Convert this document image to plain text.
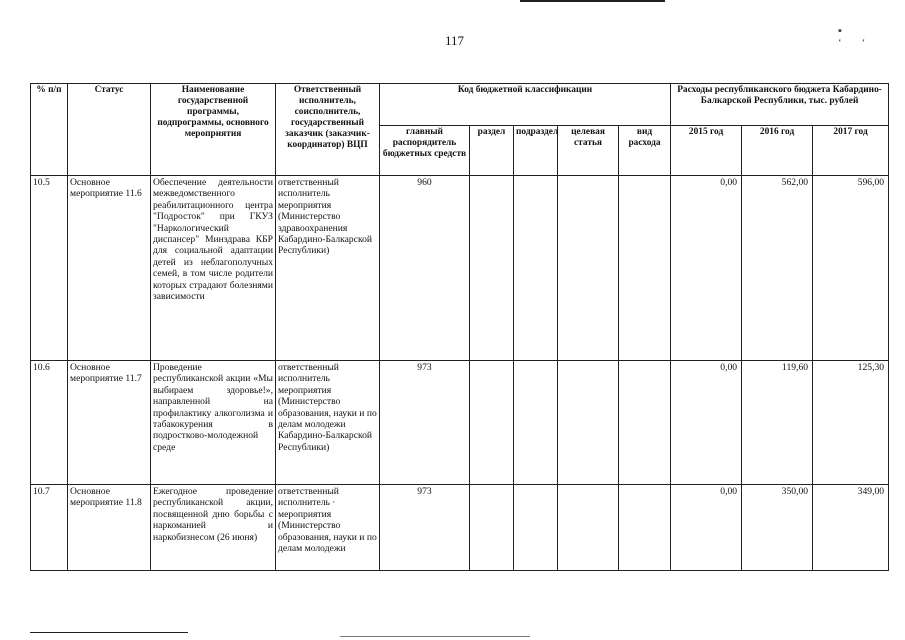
117
▪ ʻʻ
% п/п	Статус	Наименование государственной программы, подпрограммы, основного мероприятия	Ответственный исполнитель, соисполнитель, государственный заказчик (заказчик-координатор) ВЦП	Код бюджетной классификации					Расходы республиканского бюджета Кабардино-Балкарской Республики, тыс. рублей		
				главный распорядитель бюджетных средств	раздел	подраздел	целевая статья	вид расхода	2015 год	2016 год	2017 год
10.5	Основное мероприятие 11.6	Обеспечение деятельности межведомственного реабилитационного центра "Подросток" при ГКУЗ "Наркологический диспансер" Минздрава КБР для социальной адаптации детей из неблагополучных семей, в том числе родители которых страдают болезнями зависимости	ответственный исполнитель мероприятия (Министерство здравоохранения Кабардино-Балкарской Республики)	960					0,00	562,00	596,00
10.6	Основное мероприятие 11.7	Проведение республиканской акции «Мы выбираем здоровье!», направленной на профилактику алкоголизма и табакокурения в подростково-молодежной среде	ответственный исполнитель мероприятия (Министерство образования, науки и по делам молодежи Кабардино-Балкарской Республики)	973					0,00	119,60	125,30
10.7	Основное мероприятие 11.8	Ежегодное проведение республиканской акции, посвященной дню борьбы с наркоманией и наркобизнесом (26 июня)	ответственный исполнитель · мероприятия (Министерство образования, науки и по делам молодежи	973					0,00	350,00	349,00
